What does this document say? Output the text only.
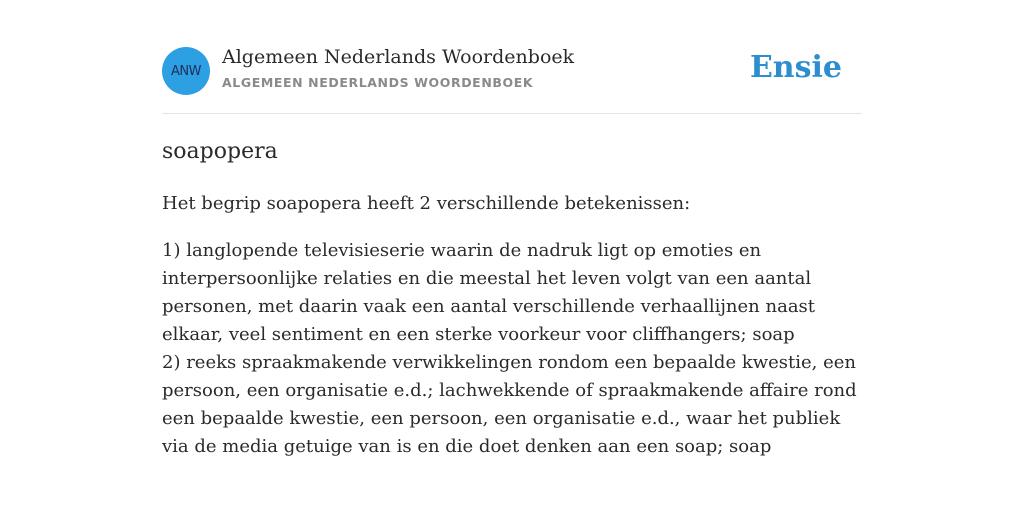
ANW
Algemeen Nederlands Woordenboek
ALGEMEEN NEDERLANDS WOORDENBOEK	Ensie
soapopera

Het begrip soapopera heeft 2 verschillende betekenissen:

1) langlopende televisieserie waarin de nadruk ligt op emoties en interpersoonlijke relaties en die meestal het leven volgt van een aantal personen, met daarin vaak een aantal verschillende verhaallijnen naast elkaar, veel sentiment en een sterke voorkeur voor cliffhangers; soap
2) reeks spraakmakende verwikkelingen rondom een bepaalde kwestie, een persoon, een organisatie e.d.; lachwekkende of spraakmakende affaire rond een bepaalde kwestie, een persoon, een organisatie e.d., waar het publiek via de media getuige van is en die doet denken aan een soap; soap
